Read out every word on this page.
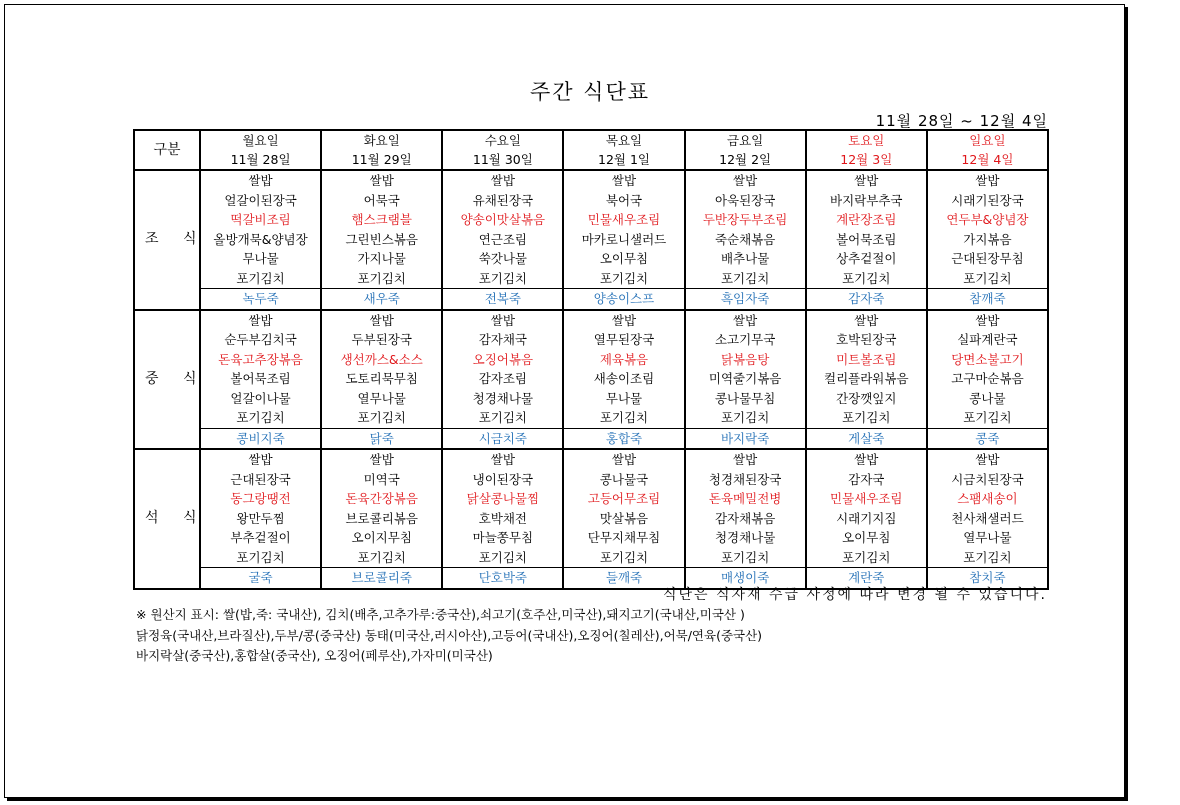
주간 식단표
11월 28일 ~ 12월 4일
구분	월요일	화요일	수요일	목요일	금요일	토요일	일요일
	11월 28일	11월 29일	11월 30일	12월 1일	12월 2일	12월 3일	12월 4일
조 식	쌀밥	쌀밥	쌀밥	쌀밥	쌀밥	쌀밥	쌀밥
	얼갈이된장국	어묵국	유채된장국	북어국	아욱된장국	바지락부추국	시래기된장국
	떡갈비조림	햄스크램블	양송이맛살볶음	민물새우조림	두반장두부조림	계란장조림	연두부&양념장
	올방개묵&양념장	그린빈스볶음	연근조림	마카로니샐러드	죽순채볶음	볼어묵조림	가지볶음
	무나물	가지나물	쑥갓나물	오이무침	배추나물	상추겉절이	근대된장무침
	포기김치	포기김치	포기김치	포기김치	포기김치	포기김치	포기김치
	녹두죽	새우죽	전복죽	양송이스프	흑임자죽	감자죽	참깨죽
중 식	쌀밥	쌀밥	쌀밥	쌀밥	쌀밥	쌀밥	쌀밥
	순두부김치국	두부된장국	감자채국	열무된장국	소고기무국	호박된장국	실파계란국
	돈육고추장볶음	생선까스&소스	오징어볶음	제육볶음	닭볶음탕	미트볼조림	당면소불고기
	볼어묵조림	도토리묵무침	감자조림	새송이조림	미역줄기볶음	컬리플라워볶음	고구마순볶음
	얼갈이나물	열무나물	청경채나물	무나물	콩나물무침	간장깻잎지	콩나물
	포기김치	포기김치	포기김치	포기김치	포기김치	포기김치	포기김치
	콩비지죽	닭죽	시금치죽	홍합죽	바지락죽	게살죽	콩죽
석 식	쌀밥	쌀밥	쌀밥	쌀밥	쌀밥	쌀밥	쌀밥
	근대된장국	미역국	냉이된장국	콩나물국	청경채된장국	감자국	시금치된장국
	동그랑땡전	돈육간장볶음	닭살콩나물찜	고등어무조림	돈육메밀전병	민물새우조림	스팸새송이
	왕만두찜	브로콜리볶음	호박채전	맛살볶음	감자채볶음	시래기지짐	천사채샐러드
	부추겉절이	오이지무침	마늘쫑무침	단무지채무침	청경채나물	오이무침	열무나물
	포기김치	포기김치	포기김치	포기김치	포기김치	포기김치	포기김치
	굴죽	브로콜리죽	단호박죽	들깨죽	매생이죽	계란죽	참치죽
식단은 식자재 수급 사정에 따라 변경 될 수 있습니다.
※ 원산지 표시: 쌀(밥,죽: 국내산), 김치(배추,고추가루:중국산),쇠고기(호주산,미국산),돼지고기(국내산,미국산 )
닭정육(국내산,브라질산),두부/콩(중국산) 동태(미국산,러시아산),고등어(국내산),오징어(칠레산),어묵/연육(중국산)
바지락살(중국산),홍합살(중국산), 오징어(페루산),가자미(미국산)
